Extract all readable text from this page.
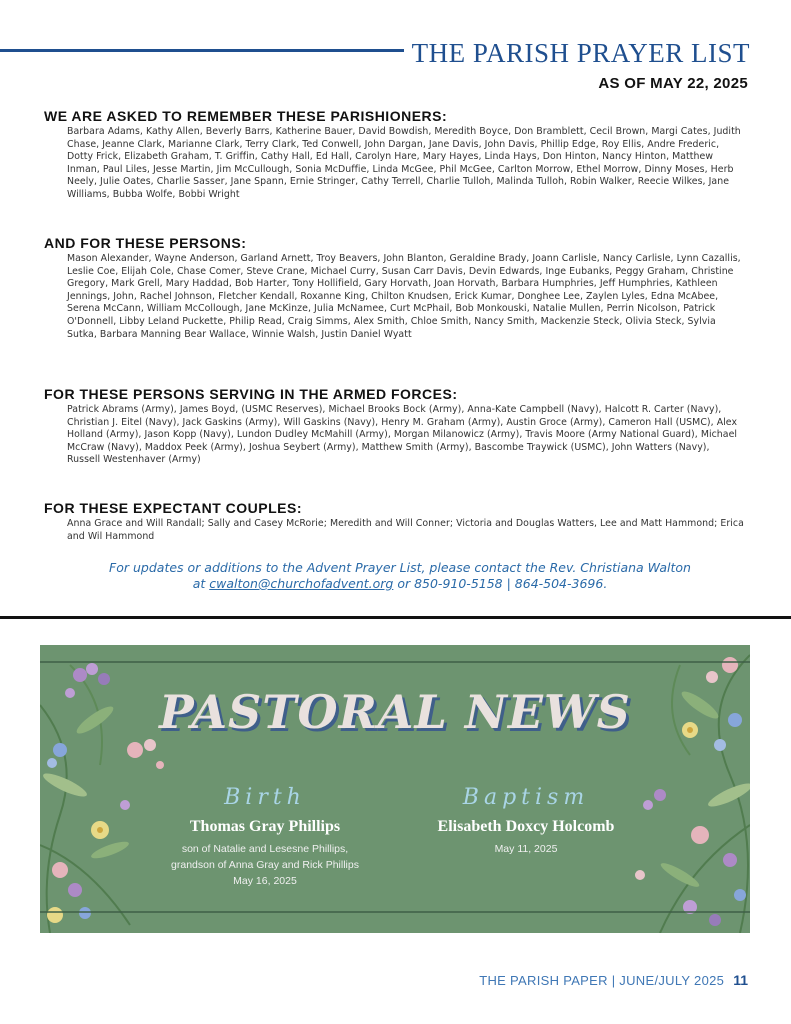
THE PARISH PRAYER LIST
AS OF MAY 22, 2025
WE ARE ASKED TO REMEMBER THESE PARISHIONERS:

Barbara Adams, Kathy Allen, Beverly Barrs, Katherine Bauer, David Bowdish, Meredith Boyce, Don Bramblett, Cecil Brown, Margi Cates, Judith Chase, Jeanne Clark, Marianne Clark, Terry Clark, Ted Conwell, John Dargan, Jane Davis, John Davis, Phillip Edge, Roy Ellis, Andre Frederic, Dotty Frick, Elizabeth Graham, T. Griffin, Cathy Hall, Ed Hall, Carolyn Hare, Mary Hayes, Linda Hays, Don Hinton, Nancy Hinton, Matthew Inman, Paul Liles, Jesse Martin, Jim McCullough, Sonia McDuffie, Linda McGee, Phil McGee, Carlton Morrow, Ethel Morrow, Dinny Moses, Herb Neely, Julie Oates, Charlie Sasser, Jane Spann, Ernie Stringer, Cathy Terrell, Charlie Tulloh, Malinda Tulloh, Robin Walker, Reecie Wilkes, Jane Williams, Bubba Wolfe, Bobbi Wright

AND FOR THESE PERSONS:

Mason Alexander, Wayne Anderson, Garland Arnett, Troy Beavers, John Blanton, Geraldine Brady, Joann Carlisle, Nancy Carlisle, Lynn Cazallis, Leslie Coe, Elijah Cole, Chase Comer, Steve Crane, Michael Curry, Susan Carr Davis, Devin Edwards, Inge Eubanks, Peggy Graham, Christine Gregory, Mark Grell, Mary Haddad, Bob Harter, Tony Hollifield, Gary Horvath, Joan Horvath, Barbara Humphries, Jeff Humphries, Kathleen Jennings, John, Rachel Johnson, Fletcher Kendall, Roxanne King, Chilton Knudsen, Erick Kumar, Donghee Lee, Zaylen Lyles, Edna McAbee, Serena McCann, William McCollough, Jane McKinze, Julia McNamee, Curt McPhail, Bob Monkouski, Natalie Mullen, Perrin Nicolson, Patrick O'Donnell, Libby Leland Puckette, Philip Read, Craig Simms, Alex Smith, Chloe Smith, Nancy Smith, Mackenzie Steck, Olivia Steck, Sylvia Sutka, Barbara Manning Bear Wallace, Winnie Walsh, Justin Daniel Wyatt

FOR THESE PERSONS SERVING IN THE ARMED FORCES:

Patrick Abrams (Army), James Boyd, (USMC Reserves), Michael Brooks Bock (Army), Anna-Kate Campbell (Navy), Halcott R. Carter (Navy), Christian J. Eitel (Navy), Jack Gaskins (Army), Will Gaskins (Navy), Henry M. Graham (Army), Austin Groce (Army), Cameron Hall (USMC), Alex Holland (Army), Jason Kopp (Navy), Lundon Dudley McMahill (Army), Morgan Milanowicz (Army), Travis Moore (Army National Guard), Michael McCraw (Navy), Maddox Peek (Army), Joshua Seybert (Army), Matthew Smith (Army), Bascombe Traywick (USMC), John Watters (Navy), Russell Westenhaver (Army)

FOR THESE EXPECTANT COUPLES:

Anna Grace and Will Randall; Sally and Casey McRorie; Meredith and Will Conner; Victoria and Douglas Watters, Lee and Matt Hammond; Erica and Wil Hammond

For updates or additions to the Advent Prayer List, please contact the Rev. Christiana Walton
at cwalton@churchofadvent.org or 850-910-5158 | 864-504-3696.

PASTORAL NEWS
Birth
Thomas Gray Phillips
son of Natalie and Lesesne Phillips,
grandson of Anna Gray and Rick Phillips
May 16, 2025
Baptism
Elisabeth Doxcy Holcomb
May 11, 2025
THE PARISH PAPER | JUNE/JULY 2025 11
